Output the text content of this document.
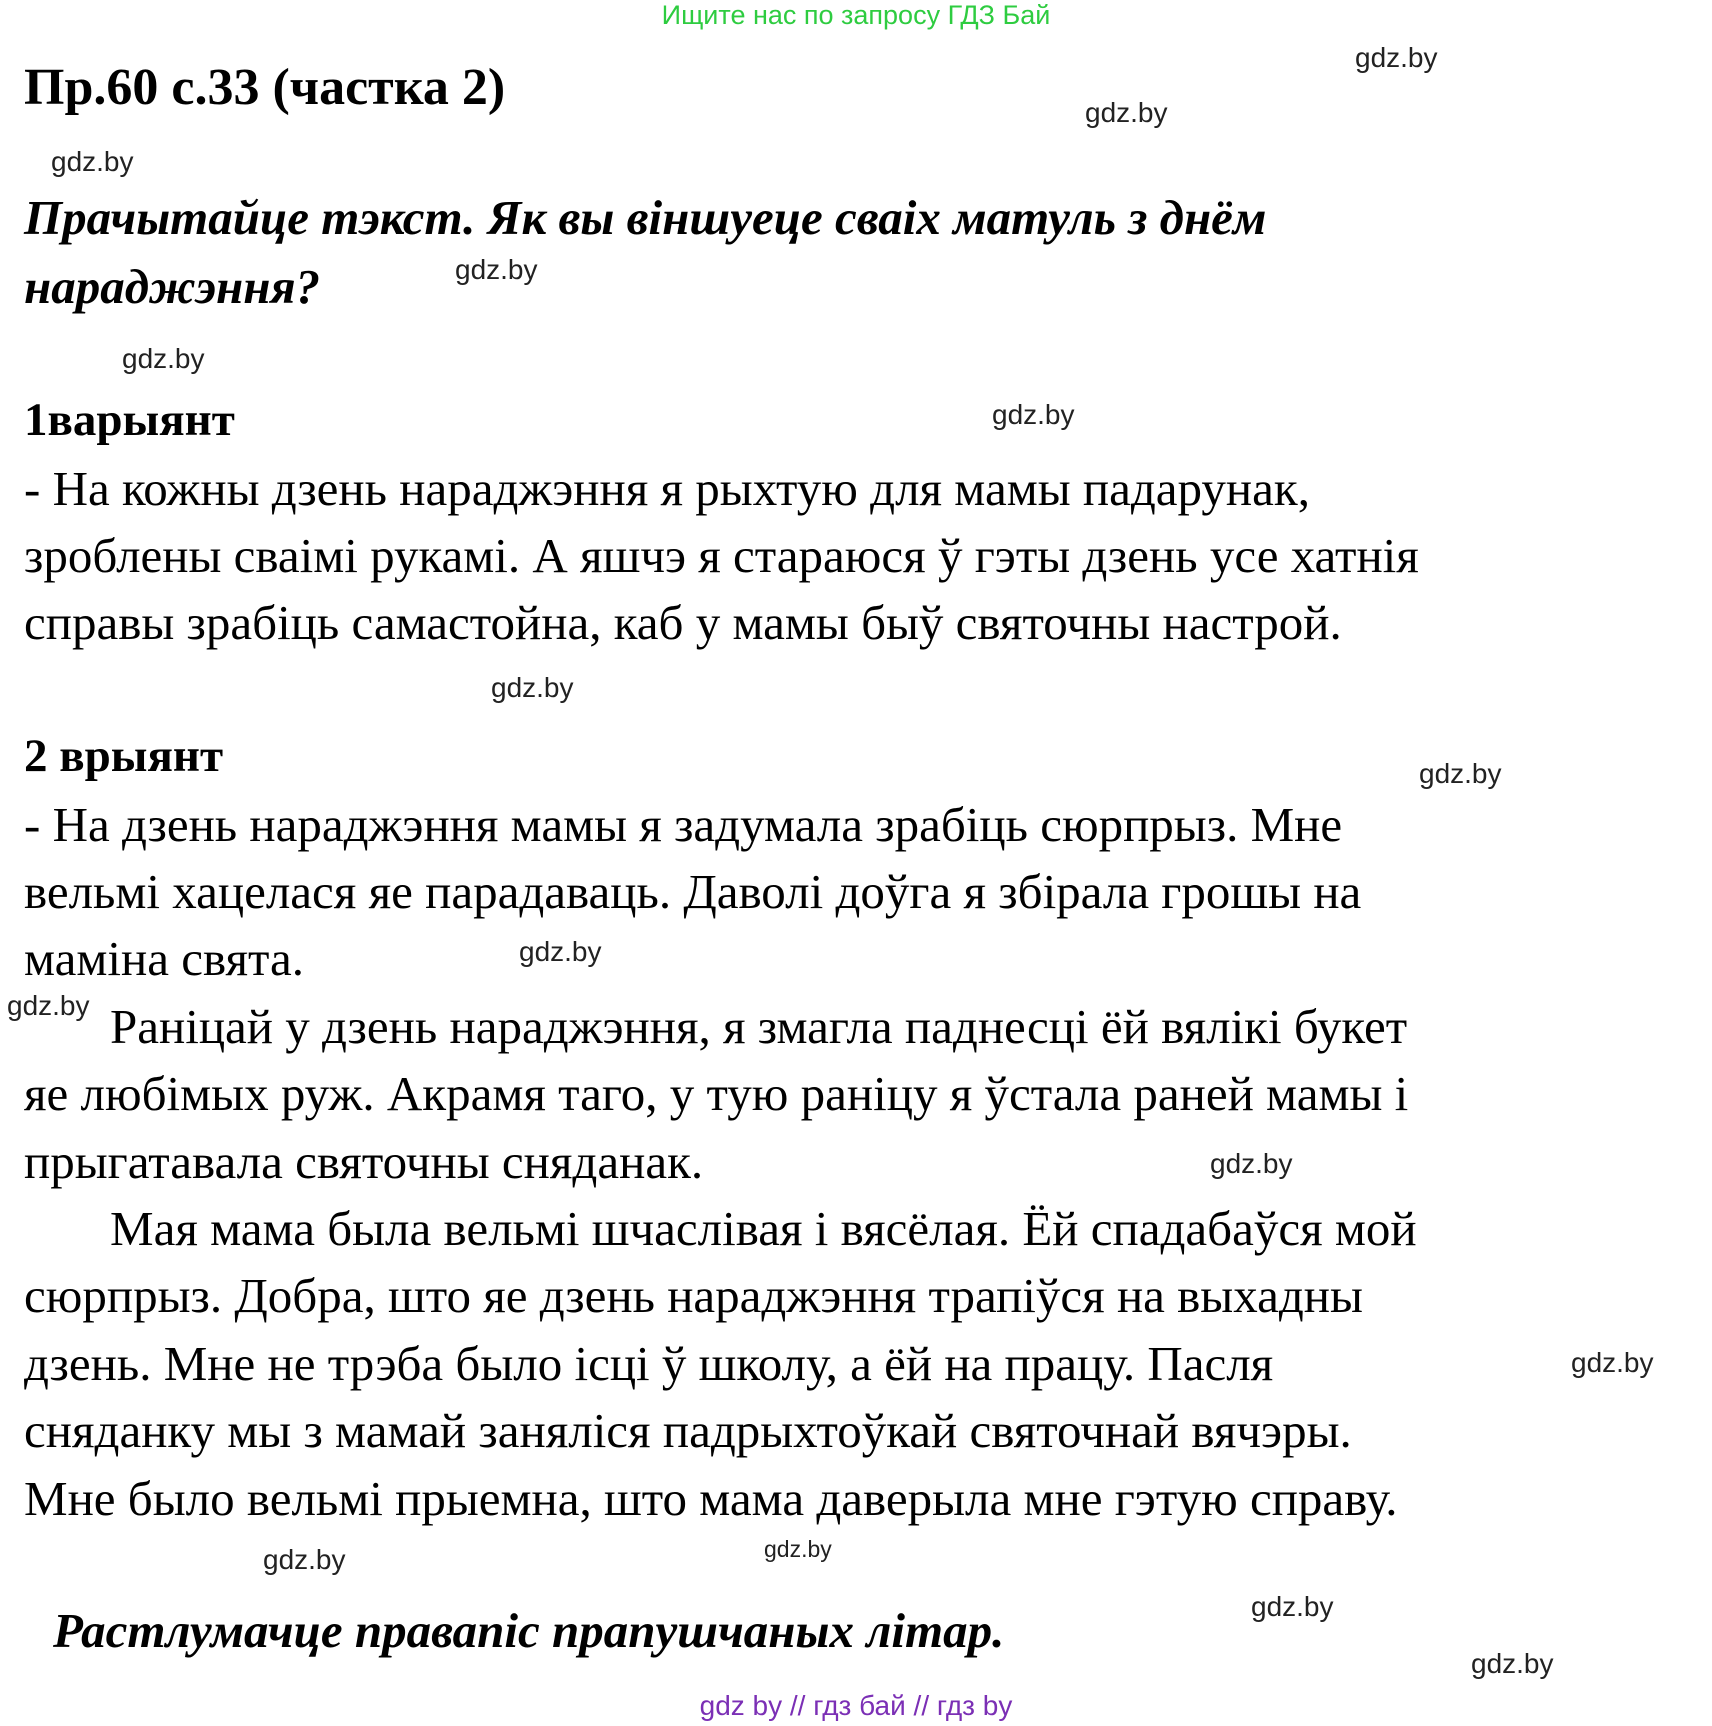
Ищите нас по запросу ГДЗ Бай
Пр.60 с.33 (частка 2)
Прачытайце тэкст. Як вы віншуеце сваіх матуль з днём
нараджэння?
1варыянт
- На кожны дзень нараджэння я рыхтую для мамы падарунак,
зроблены сваімі рукамі. А яшчэ я стараюся ў гэты дзень усе хатнія
справы зрабіць самастойна, каб у мамы быў святочны настрой.
2 врыянт
- На дзень нараджэння мамы я задумала зрабіць сюрпрыз. Мне
вельмі хацелася яе парадаваць. Даволі доўга я збірала грошы на
маміна свята.
Раніцай у дзень нараджэння, я змагла паднесці ёй вялікі букет
яе любімых руж. Акрамя таго, у тую раніцу я ўстала раней мамы і
прыгатавала святочны сняданак.
Мая мама была вельмі шчаслівая і вясёлая. Ёй спадабаўся мой
сюрпрыз. Добра, што яе дзень нараджэння трапіўся на выхадны
дзень. Мне не трэба было ісці ў школу, а ёй на працу. Пасля
сняданку мы з мамай заняліся падрыхтоўкай святочнай вячэры.
Мне было вельмі прыемна, што мама даверыла мне гэтую справу.
Растлумачце правапіс прапушчаных літар.
gdz.by
gdz.by
gdz.by
gdz.by
gdz.by
gdz.by
gdz.by
gdz.by
gdz.by
gdz.by
gdz.by
gdz.by
gdz.by
gdz.by
gdz.by
gdz.by
gdz by // гдз бай // гдз by
